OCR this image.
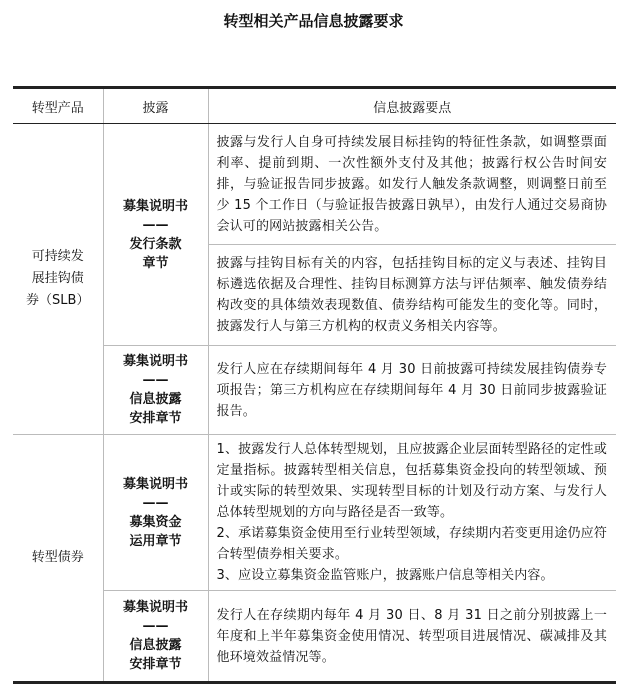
转型相关产品信息披露要求
转型产品	披露	信息披露要点

可持续发
展挂钩债
券（SLB）	募集说明书
——
发行条款
章节	披露与发行人自身可持续发展目标挂钩的特征性条款，如调整票面利率、提前到期、一次性额外支付及其他；披露行权公告时间安排，与验证报告同步披露。如发行人触发条款调整，则调整日前至少 15 个工作日（与验证报告披露日孰早），由发行人通过交易商协会认可的网站披露相关公告。
		披露与挂钩目标有关的内容，包括挂钩目标的定义与表述、挂钩目标遴选依据及合理性、挂钩目标测算方法与评估频率、触发债券结构改变的具体绩效表现数值、债券结构可能发生的变化等。同时，披露发行人与第三方机构的权责义务相关内容等。

	募集说明书
——
信息披露
安排章节	发行人应在存续期间每年 4 月 30 日前披露可持续发展挂钩债券专项报告；第三方机构应在存续期间每年 4 月 30 日前同步披露验证报告。
转型债券	募集说明书
——
募集资金
运用章节	1、披露发行人总体转型规划，且应披露企业层面转型路径的定性或定量指标。披露转型相关信息，包括募集资金投向的转型领域、预计或实际的转型效果、实现转型目标的计划及行动方案、与发行人总体转型规划的方向与路径是否一致等。
2、承诺募集资金使用至行业转型领域，存续期内若变更用途仍应符合转型债券相关要求。
3、应设立募集资金监管账户，披露账户信息等相关内容。

	募集说明书
——
信息披露
安排章节	发行人在存续期内每年 4 月 30 日、8 月 31 日之前分别披露上一年度和上半年募集资金使用情况、转型项目进展情况、碳减排及其他环境效益情况等。
